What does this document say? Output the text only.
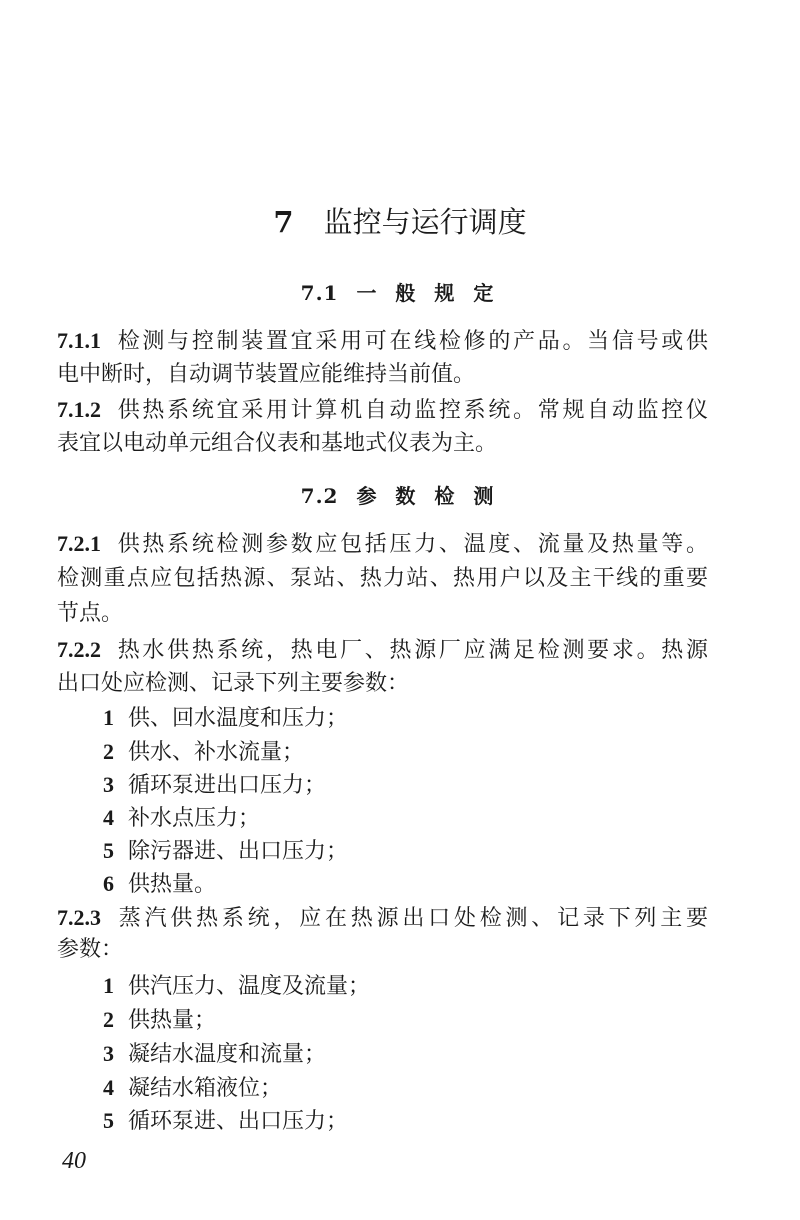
7 监控与运行调度
7.1 一 般 规 定
7.1.1 检测与控制装置宜采用可在线检修的产品。当信号或供
电中断时，自动调节装置应能维持当前值。
7.1.2 供热系统宜采用计算机自动监控系统。常规自动监控仪
表宜以电动单元组合仪表和基地式仪表为主。
7.2 参 数 检 测
7.2.1 供热系统检测参数应包括压力、温度、流量及热量等。
检测重点应包括热源、泵站、热力站、热用户以及主干线的重要
节点。
7.2.2 热水供热系统，热电厂、热源厂应满足检测要求。热源
出口处应检测、记录下列主要参数：
1 供、回水温度和压力；
2 供水、补水流量；
3 循环泵进出口压力；
4 补水点压力；
5 除污器进、出口压力；
6 供热量。
7.2.3 蒸汽供热系统，应在热源出口处检测、记录下列主要
参数：
1 供汽压力、温度及流量；
2 供热量；
3 凝结水温度和流量；
4 凝结水箱液位；
5 循环泵进、出口压力；
40
